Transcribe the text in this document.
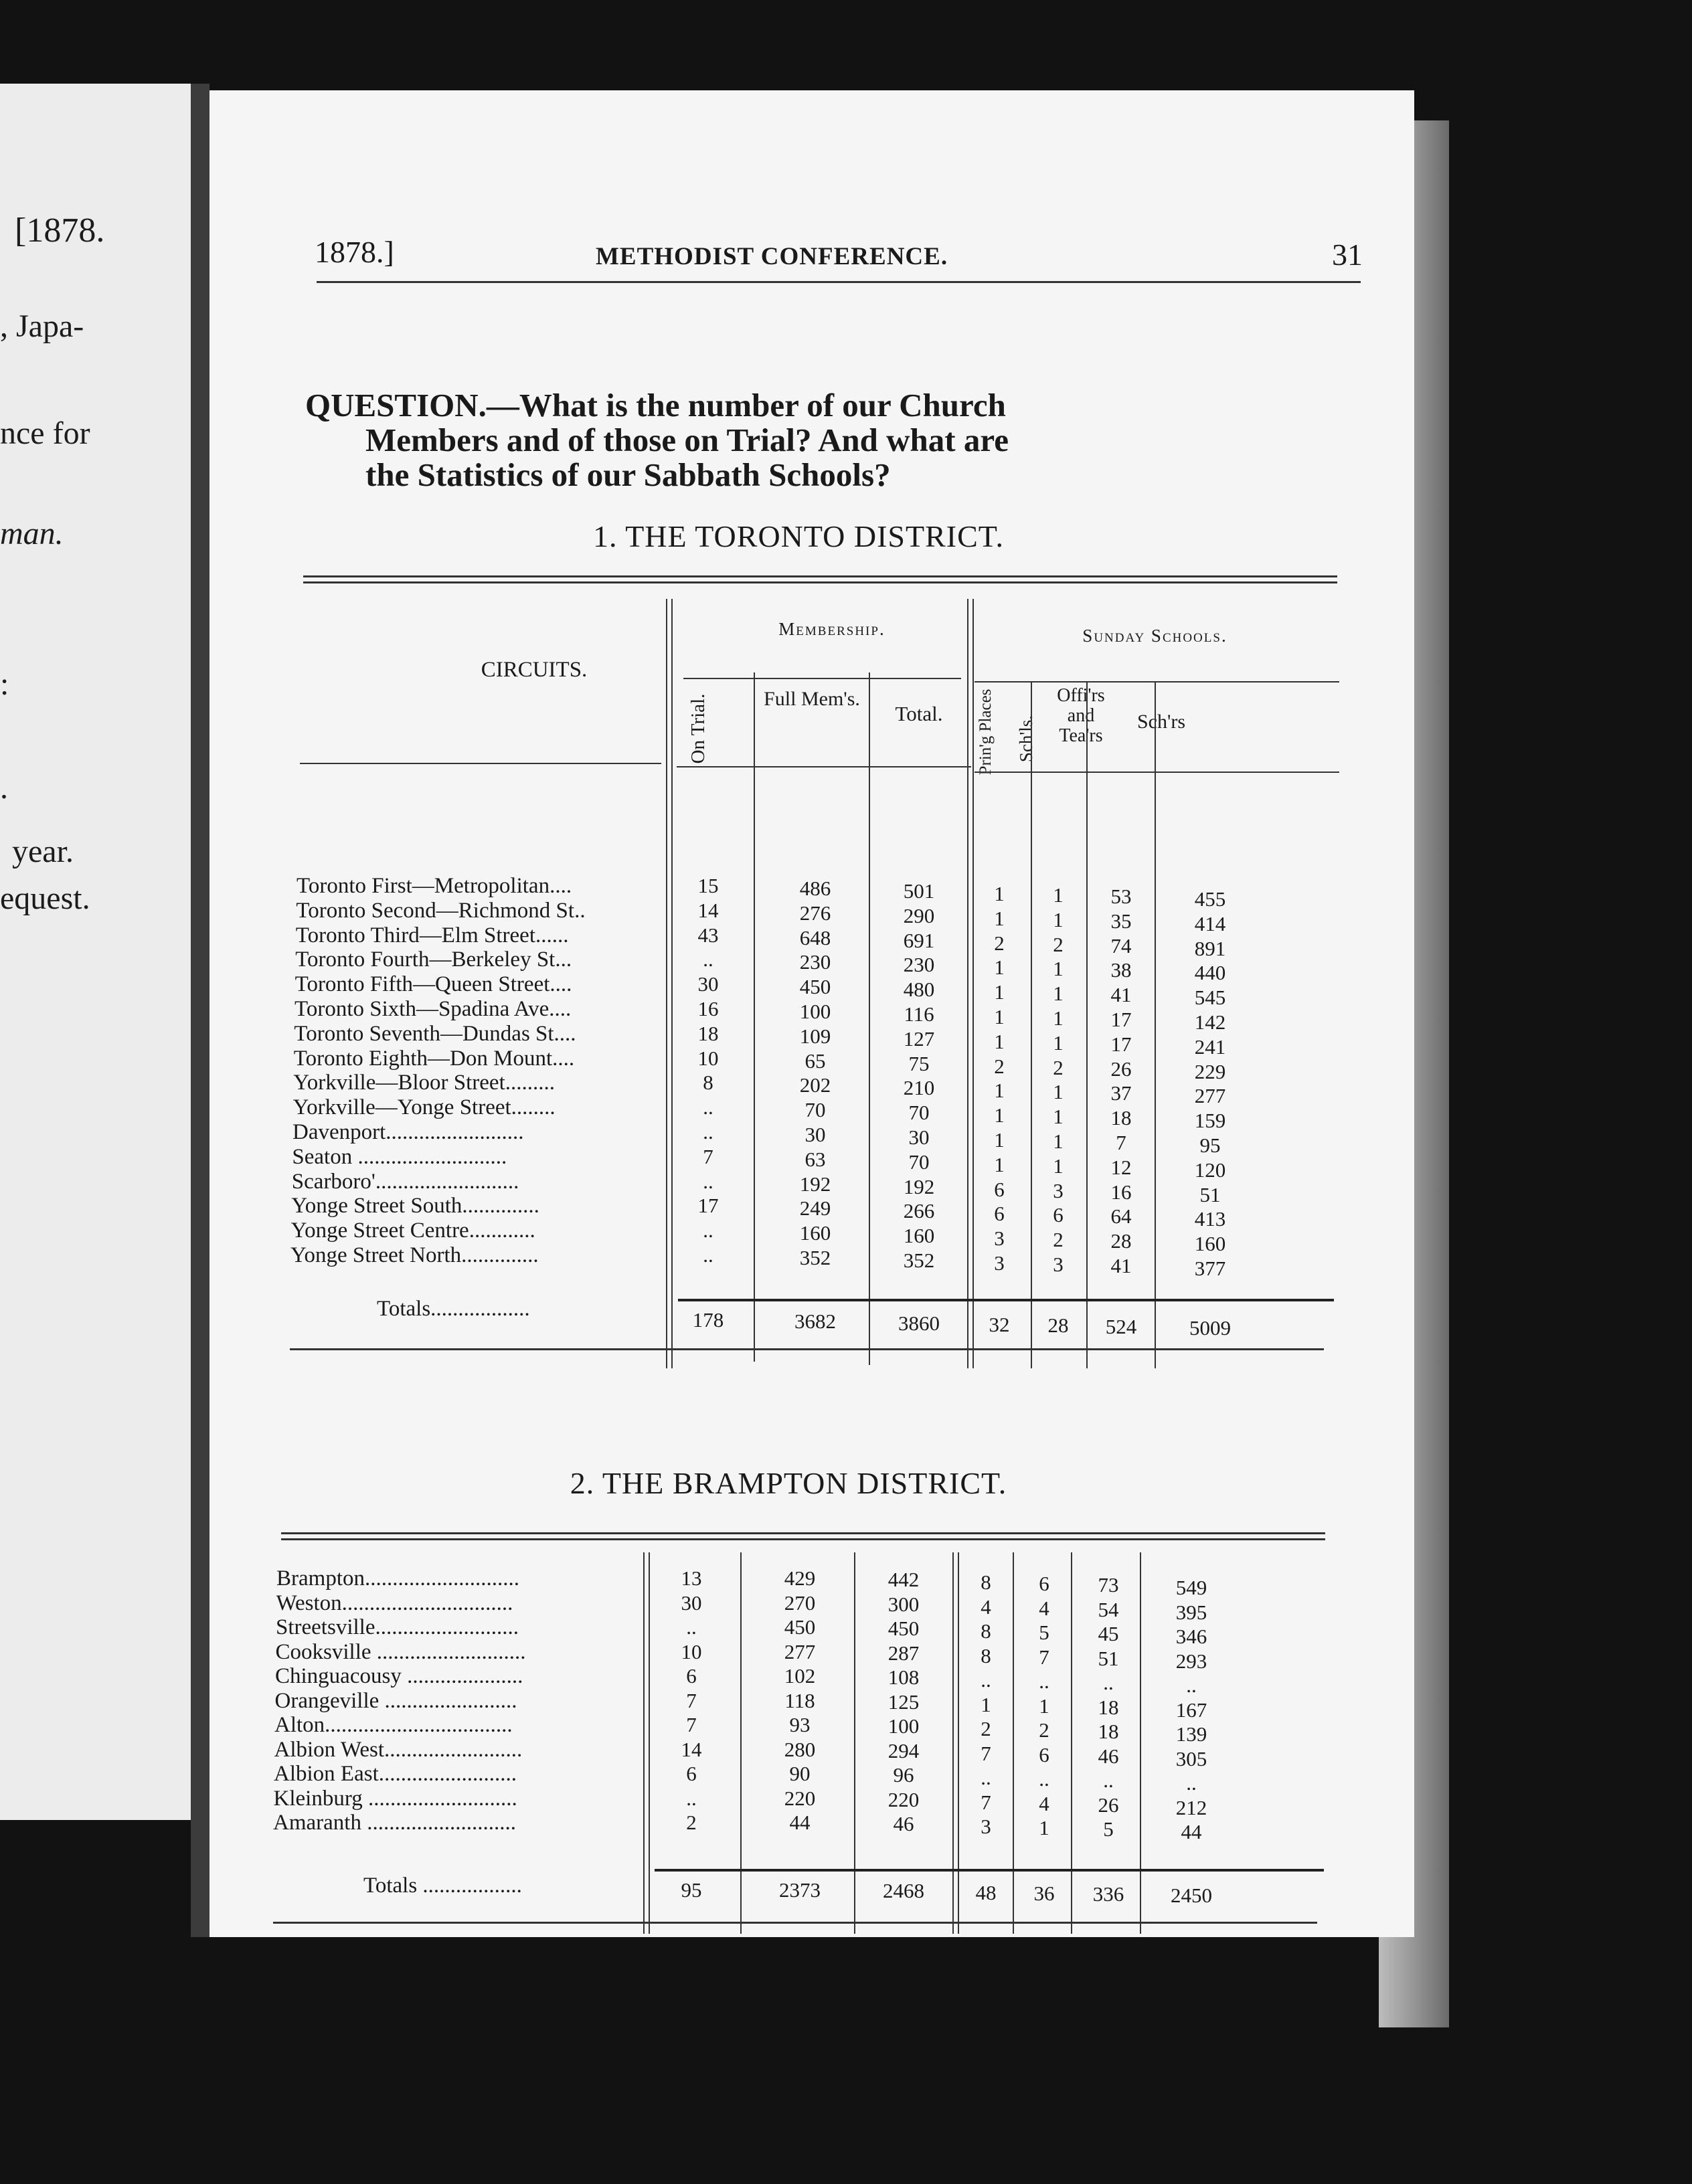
[1878.
, Japa-
nce for
man.
:
.
year.
equest.
1878.]	METHODIST CONFERENCE.	31
QUESTION.—What is the number of our Church
Members and of those on Trial? And what are
the Statistics of our Sabbath Schools?
1. THE TORONTO DISTRICT.
CIRCUITS.
Membership.	Sunday Schools.
On Trial.	Full Mem's.
Total.	Prin'g Places Sch'ls.
Offi'rs and Tea'rs
Sch'rs
Toronto First—Metropolitan....	15	486	501	1	1	53	455
Toronto Second—Richmond St..	14	276	290	1	1	35	414
Toronto Third—Elm Street......	43	648	691	2	2	74	891
Toronto Fourth—Berkeley St...	..	230	230	1	1	38	440
Toronto Fifth—Queen Street....	30	450	480	1	1	41	545
Toronto Sixth—Spadina Ave....	16	100	116	1	1	17	142
Toronto Seventh—Dundas St....	18	109	127	1	1	17	241
Toronto Eighth—Don Mount....	10	65	75	2	2	26	229
Yorkville—Bloor Street.........	8	202	210	1	1	37	277
Yorkville—Yonge Street........	..	70	70	1	1	18	159
Davenport.........................	..	30	30	1	1	7	95
Seaton ...........................	7	63	70	1	1	12	120
Scarboro'..........................	..	192	192	6	3	16	51
Yonge Street South..............	17	249	266	6	6	64	413
Yonge Street Centre............	..	160	160	3	2	28	160
Yonge Street North..............	..	352	352	3	3	41	377
Totals..................	178	3682	3860	32	28	524	5009
2. THE BRAMPTON DISTRICT.
Brampton............................	13	429	442	8	6	73	549
Weston...............................	30	270	300	4	4	54	395
Streetsville..........................	..	450	450	8	5	45	346
Cooksville ...........................	10	277	287	8	7	51	293
Chinguacousy .....................	6	102	108	..	..	..	..
Orangeville ........................	7	118	125	1	1	18	167
Alton..................................	7	93	100	2	2	18	139
Albion West.........................	14	280	294	7	6	46	305
Albion East.........................	6	90	96	..	..	..	..
Kleinburg ...........................	..	220	220	7	4	26	212
Amaranth ...........................	2	44	46	3	1	5	44
Totals ..................	95	2373	2468	48	36	336	2450
